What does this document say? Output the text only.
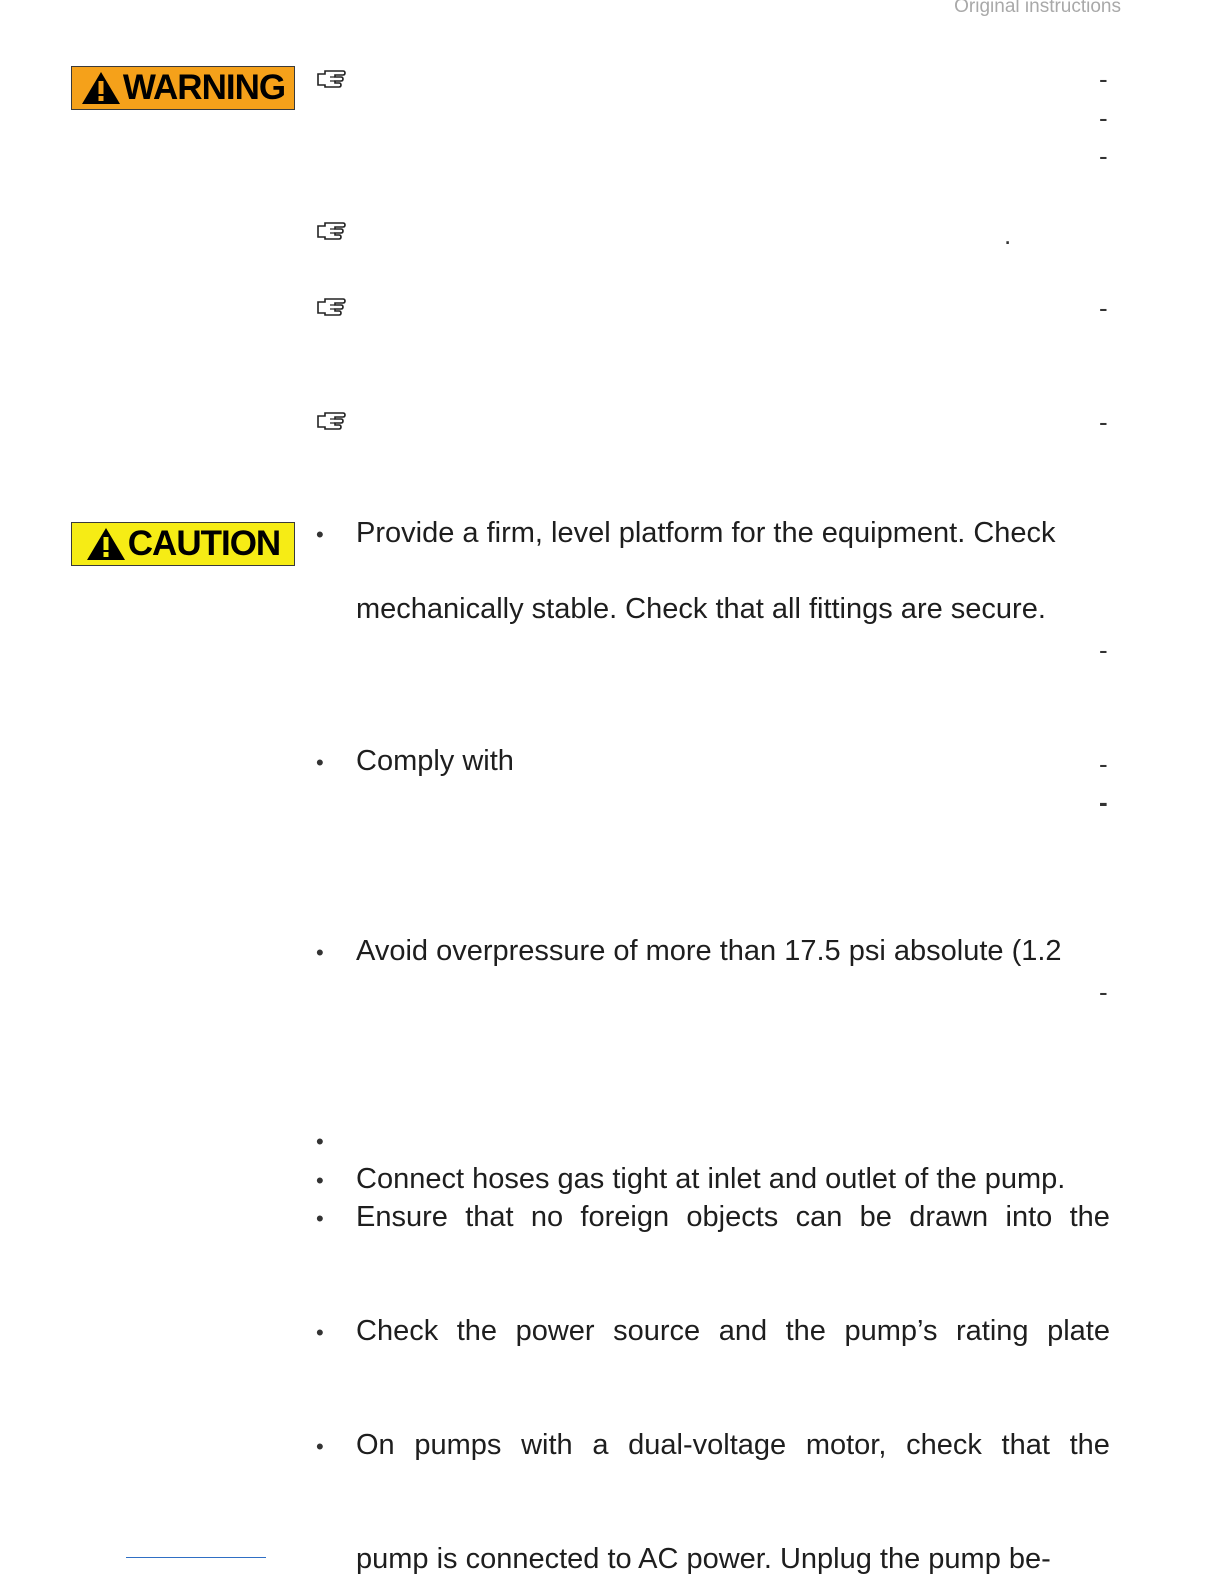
Original instructions
WARNING	-
-
-
.
-
-
CAUTION •
•
•
•
•
•
•
•
Provide a firm, level platform for the equipment. Check
mechanically stable. Check that all fittings are secure.
-
Comply with	-
-
Avoid overpressure of more than 17.5 psi absolute (1.2
-
Connect hoses gas tight at inlet and outlet of the pump.
Ensure that no foreign objects can be drawn into the
Check the power source and the pump’s rating plate
On pumps with a dual-voltage motor, check that the
pump is connected to AC power. Unplug the pump be-
